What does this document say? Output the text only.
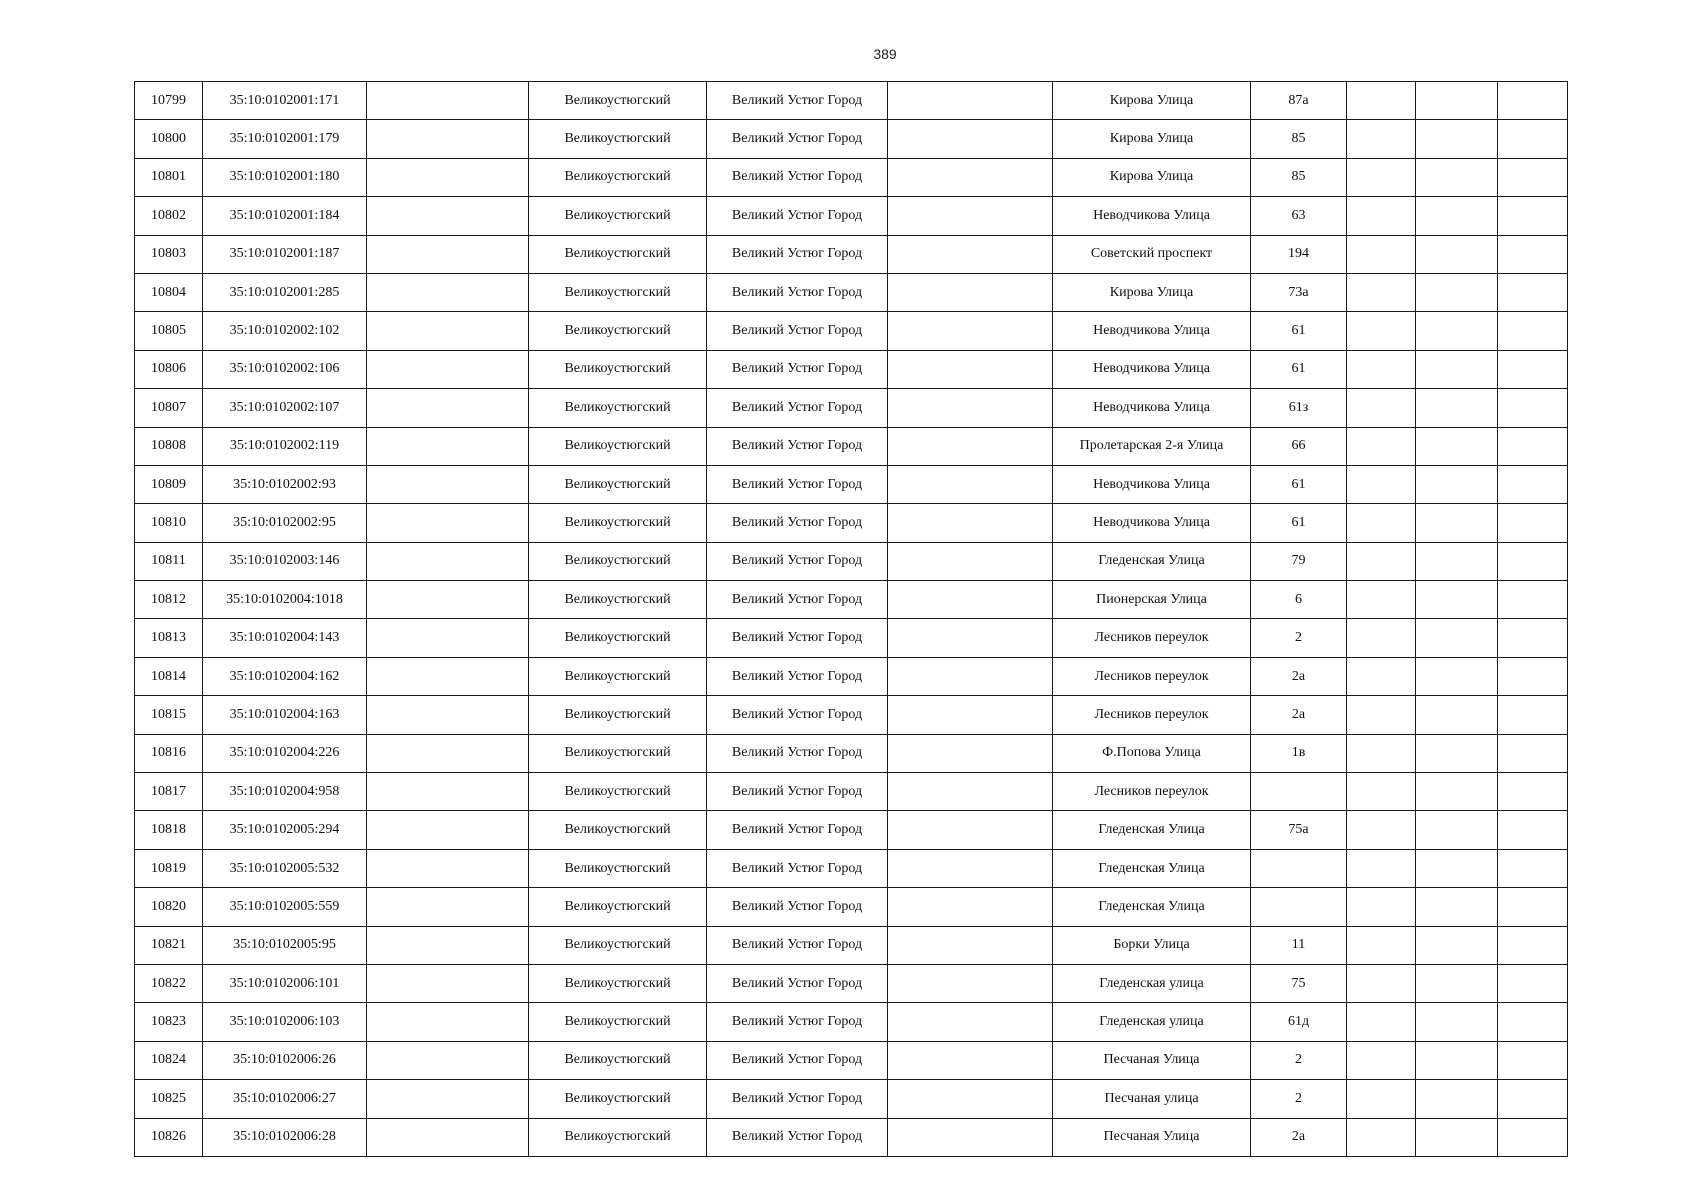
389
10799	35:10:0102001:171		Великоустюгский	Великий Устюг Город		Кирова Улица	87а			
10800	35:10:0102001:179		Великоустюгский	Великий Устюг Город		Кирова Улица	85			
10801	35:10:0102001:180		Великоустюгский	Великий Устюг Город		Кирова Улица	85			
10802	35:10:0102001:184		Великоустюгский	Великий Устюг Город		Неводчикова Улица	63			
10803	35:10:0102001:187		Великоустюгский	Великий Устюг Город		Советский проспект	194			
10804	35:10:0102001:285		Великоустюгский	Великий Устюг Город		Кирова Улица	73а			
10805	35:10:0102002:102		Великоустюгский	Великий Устюг Город		Неводчикова Улица	61			
10806	35:10:0102002:106		Великоустюгский	Великий Устюг Город		Неводчикова Улица	61			
10807	35:10:0102002:107		Великоустюгский	Великий Устюг Город		Неводчикова Улица	61з			
10808	35:10:0102002:119		Великоустюгский	Великий Устюг Город		Пролетарская 2-я Улица	66			
10809	35:10:0102002:93		Великоустюгский	Великий Устюг Город		Неводчикова Улица	61			
10810	35:10:0102002:95		Великоустюгский	Великий Устюг Город		Неводчикова Улица	61			
10811	35:10:0102003:146		Великоустюгский	Великий Устюг Город		Гледенская Улица	79			
10812	35:10:0102004:1018		Великоустюгский	Великий Устюг Город		Пионерская Улица	6			
10813	35:10:0102004:143		Великоустюгский	Великий Устюг Город		Лесников переулок	2			
10814	35:10:0102004:162		Великоустюгский	Великий Устюг Город		Лесников переулок	2а			
10815	35:10:0102004:163		Великоустюгский	Великий Устюг Город		Лесников переулок	2а			
10816	35:10:0102004:226		Великоустюгский	Великий Устюг Город		Ф.Попова Улица	1в			
10817	35:10:0102004:958		Великоустюгский	Великий Устюг Город		Лесников переулок				
10818	35:10:0102005:294		Великоустюгский	Великий Устюг Город		Гледенская Улица	75а			
10819	35:10:0102005:532		Великоустюгский	Великий Устюг Город		Гледенская Улица				
10820	35:10:0102005:559		Великоустюгский	Великий Устюг Город		Гледенская Улица				
10821	35:10:0102005:95		Великоустюгский	Великий Устюг Город		Борки Улица	11			
10822	35:10:0102006:101		Великоустюгский	Великий Устюг Город		Гледенская улица	75			
10823	35:10:0102006:103		Великоустюгский	Великий Устюг Город		Гледенская улица	61д			
10824	35:10:0102006:26		Великоустюгский	Великий Устюг Город		Песчаная Улица	2			
10825	35:10:0102006:27		Великоустюгский	Великий Устюг Город		Песчаная улица	2			
10826	35:10:0102006:28		Великоустюгский	Великий Устюг Город		Песчаная Улица	2а			
